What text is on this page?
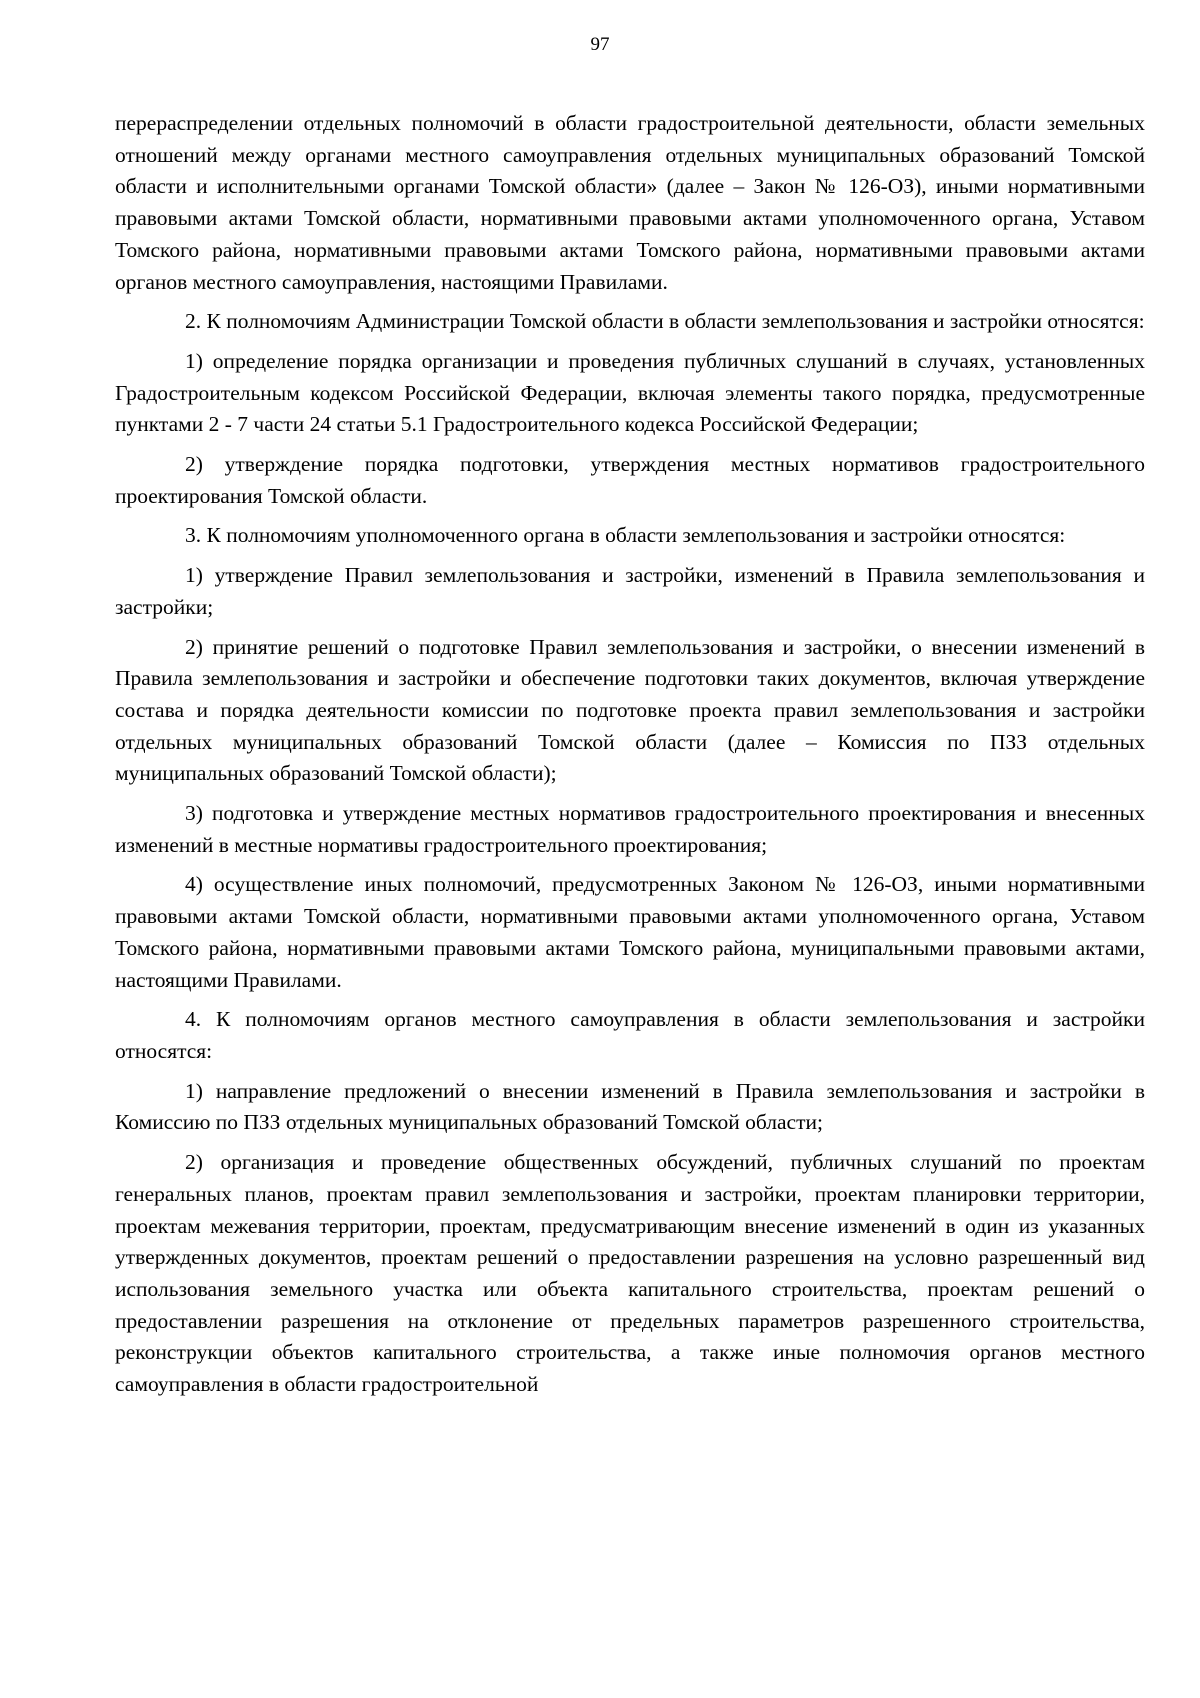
97

перераспределении отдельных полномочий в области градостроительной деятельности, области земельных отношений между органами местного самоуправления отдельных муниципальных образований Томской области и исполнительными органами Томской области» (далее – Закон № 126-ОЗ), иными нормативными правовыми актами Томской области, нормативными правовыми актами уполномоченного органа, Уставом Томского района, нормативными правовыми актами Томского района, нормативными правовыми актами органов местного самоуправления, настоящими Правилами.

2. К полномочиям Администрации Томской области в области землепользования и застройки относятся:

1) определение порядка организации и проведения публичных слушаний в случаях, установленных Градостроительным кодексом Российской Федерации, включая элементы такого порядка, предусмотренные пунктами 2 - 7 части 24 статьи 5.1 Градостроительного кодекса Российской Федерации;

2) утверждение порядка подготовки, утверждения местных нормативов градостроительного проектирования Томской области.

3. К полномочиям уполномоченного органа в области землепользования и застройки относятся:

1) утверждение Правил землепользования и застройки, изменений в Правила землепользования и застройки;

2) принятие решений о подготовке Правил землепользования и застройки, о внесении изменений в Правила землепользования и застройки и обеспечение подготовки таких документов, включая утверждение состава и порядка деятельности комиссии по подготовке проекта правил землепользования и застройки отдельных муниципальных образований Томской области (далее – Комиссия по ПЗЗ отдельных муниципальных образований Томской области);

3) подготовка и утверждение местных нормативов градостроительного проектирования и внесенных изменений в местные нормативы градостроительного проектирования;

4) осуществление иных полномочий, предусмотренных Законом № 126-ОЗ, иными нормативными правовыми актами Томской области, нормативными правовыми актами уполномоченного органа, Уставом Томского района, нормативными правовыми актами Томского района, муниципальными правовыми актами, настоящими Правилами.

4. К полномочиям органов местного самоуправления в области землепользования и застройки относятся:

1) направление предложений о внесении изменений в Правила землепользования и застройки в Комиссию по ПЗЗ отдельных муниципальных образований Томской области;

2) организация и проведение общественных обсуждений, публичных слушаний по проектам генеральных планов, проектам правил землепользования и застройки, проектам планировки территории, проектам межевания территории, проектам, предусматривающим внесение изменений в один из указанных утвержденных документов, проектам решений о предоставлении разрешения на условно разрешенный вид использования земельного участка или объекта капитального строительства, проектам решений о предоставлении разрешения на отклонение от предельных параметров разрешенного строительства, реконструкции объектов капитального строительства, а также иные полномочия органов местного самоуправления в области градостроительной
